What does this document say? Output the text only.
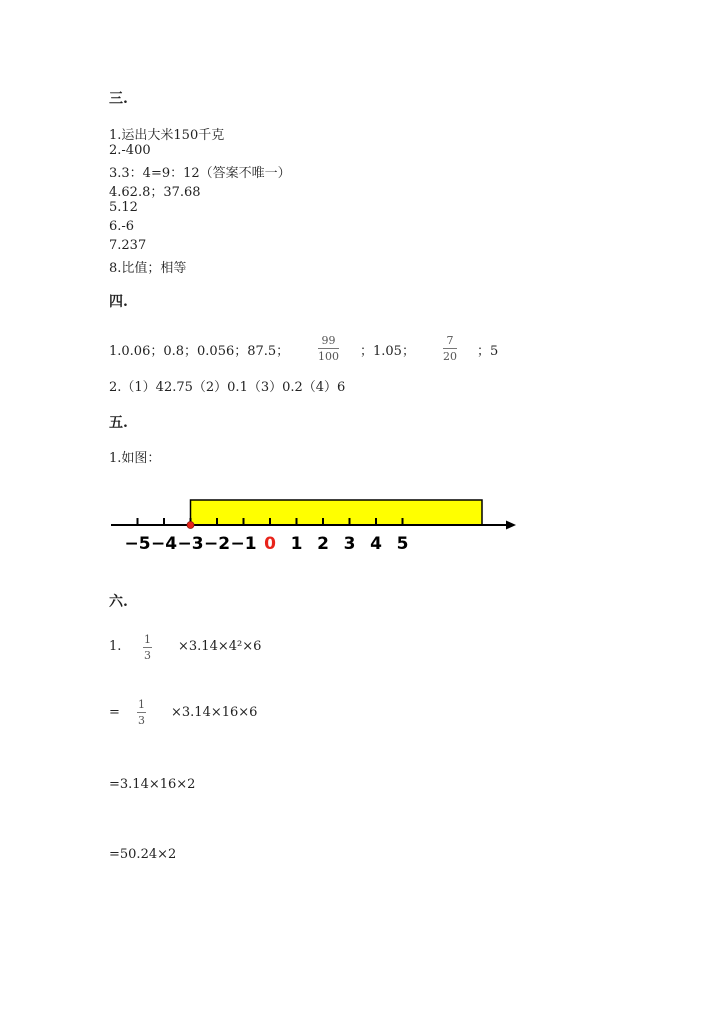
三.
1.运出大米150千克
2.-400
3.3：4=9：12（答案不唯一）
4.62.8；37.68
5.12
6.-6
7.237
8.比值；相等
四.
1.0.06；0.8；0.056；87.5；
99
100 ；1.05；
7
20 ；5
2.（1）42.75（2）0.1（3）0.2（4）6
五.
1.如图：
−5 −4 −3 −2 −1 0 1 2 3 4 5
六.
1. 1
3
×3.14×4²×6
=
1
3
×3.14×16×6
=3.14×16×2
=50.24×2
